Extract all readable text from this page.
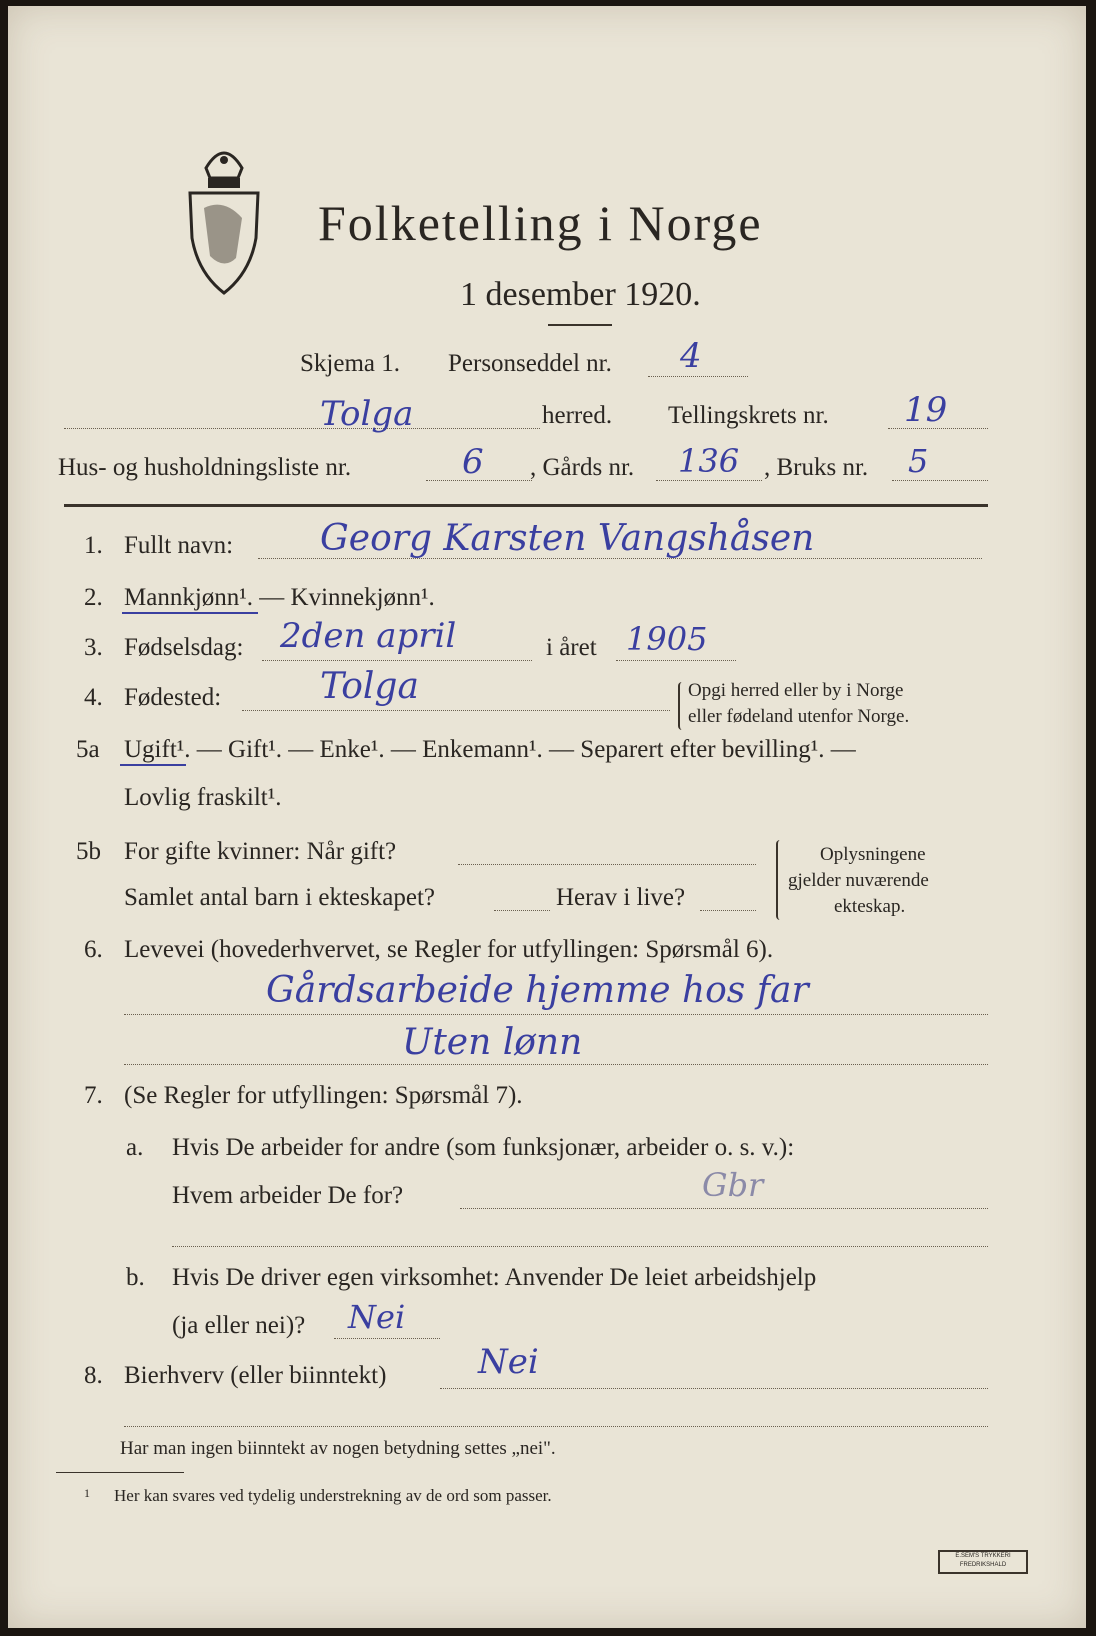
Folketelling i Norge
1 desember 1920.
Skjema 1. Personseddel nr. 4
Tolga	herred. Tellingskrets nr. 19
Hus- og husholdningsliste nr.	6 , Gårds nr. 136 , Bruks nr. 5
1. Fullt navn: Georg Karsten Vangshåsen
2. Mannkjønn¹. — Kvinnekjønn¹.
3. Fødselsdag: 2den april	i året 1905
4. Fødested:	Tolga	Opgi herred eller by i Norge
eller fødeland utenfor Norge.
5a Ugift¹. — Gift¹. — Enke¹. — Enkemann¹. — Separert efter bevilling¹. —
Lovlig fraskilt¹.
5b For gifte kvinner: Når gift?
Samlet antal barn i ekteskapet?	Herav i live?
Oplysningene
gjelder nuværende
ekteskap.
6. Levevei (hovederhvervet, se Regler for utfyllingen: Spørsmål 6).
Gårdsarbeide hjemme hos far
Uten lønn
7. (Se Regler for utfyllingen: Spørsmål 7).
a. Hvis De arbeider for andre (som funksjonær, arbeider o. s. v.):
Hvem arbeider De for?	Gbr
b. Hvis De driver egen virksomhet: Anvender De leiet arbeidshjelp
(ja eller nei)? Nei
8. Bierhverv (eller biinntekt)	Nei
Har man ingen biinntekt av nogen betydning settes „nei".
1 Her kan svares ved tydelig understrekning av de ord som passer.
E.SEM'S TRYKKERI
FREDRIKSHALD
